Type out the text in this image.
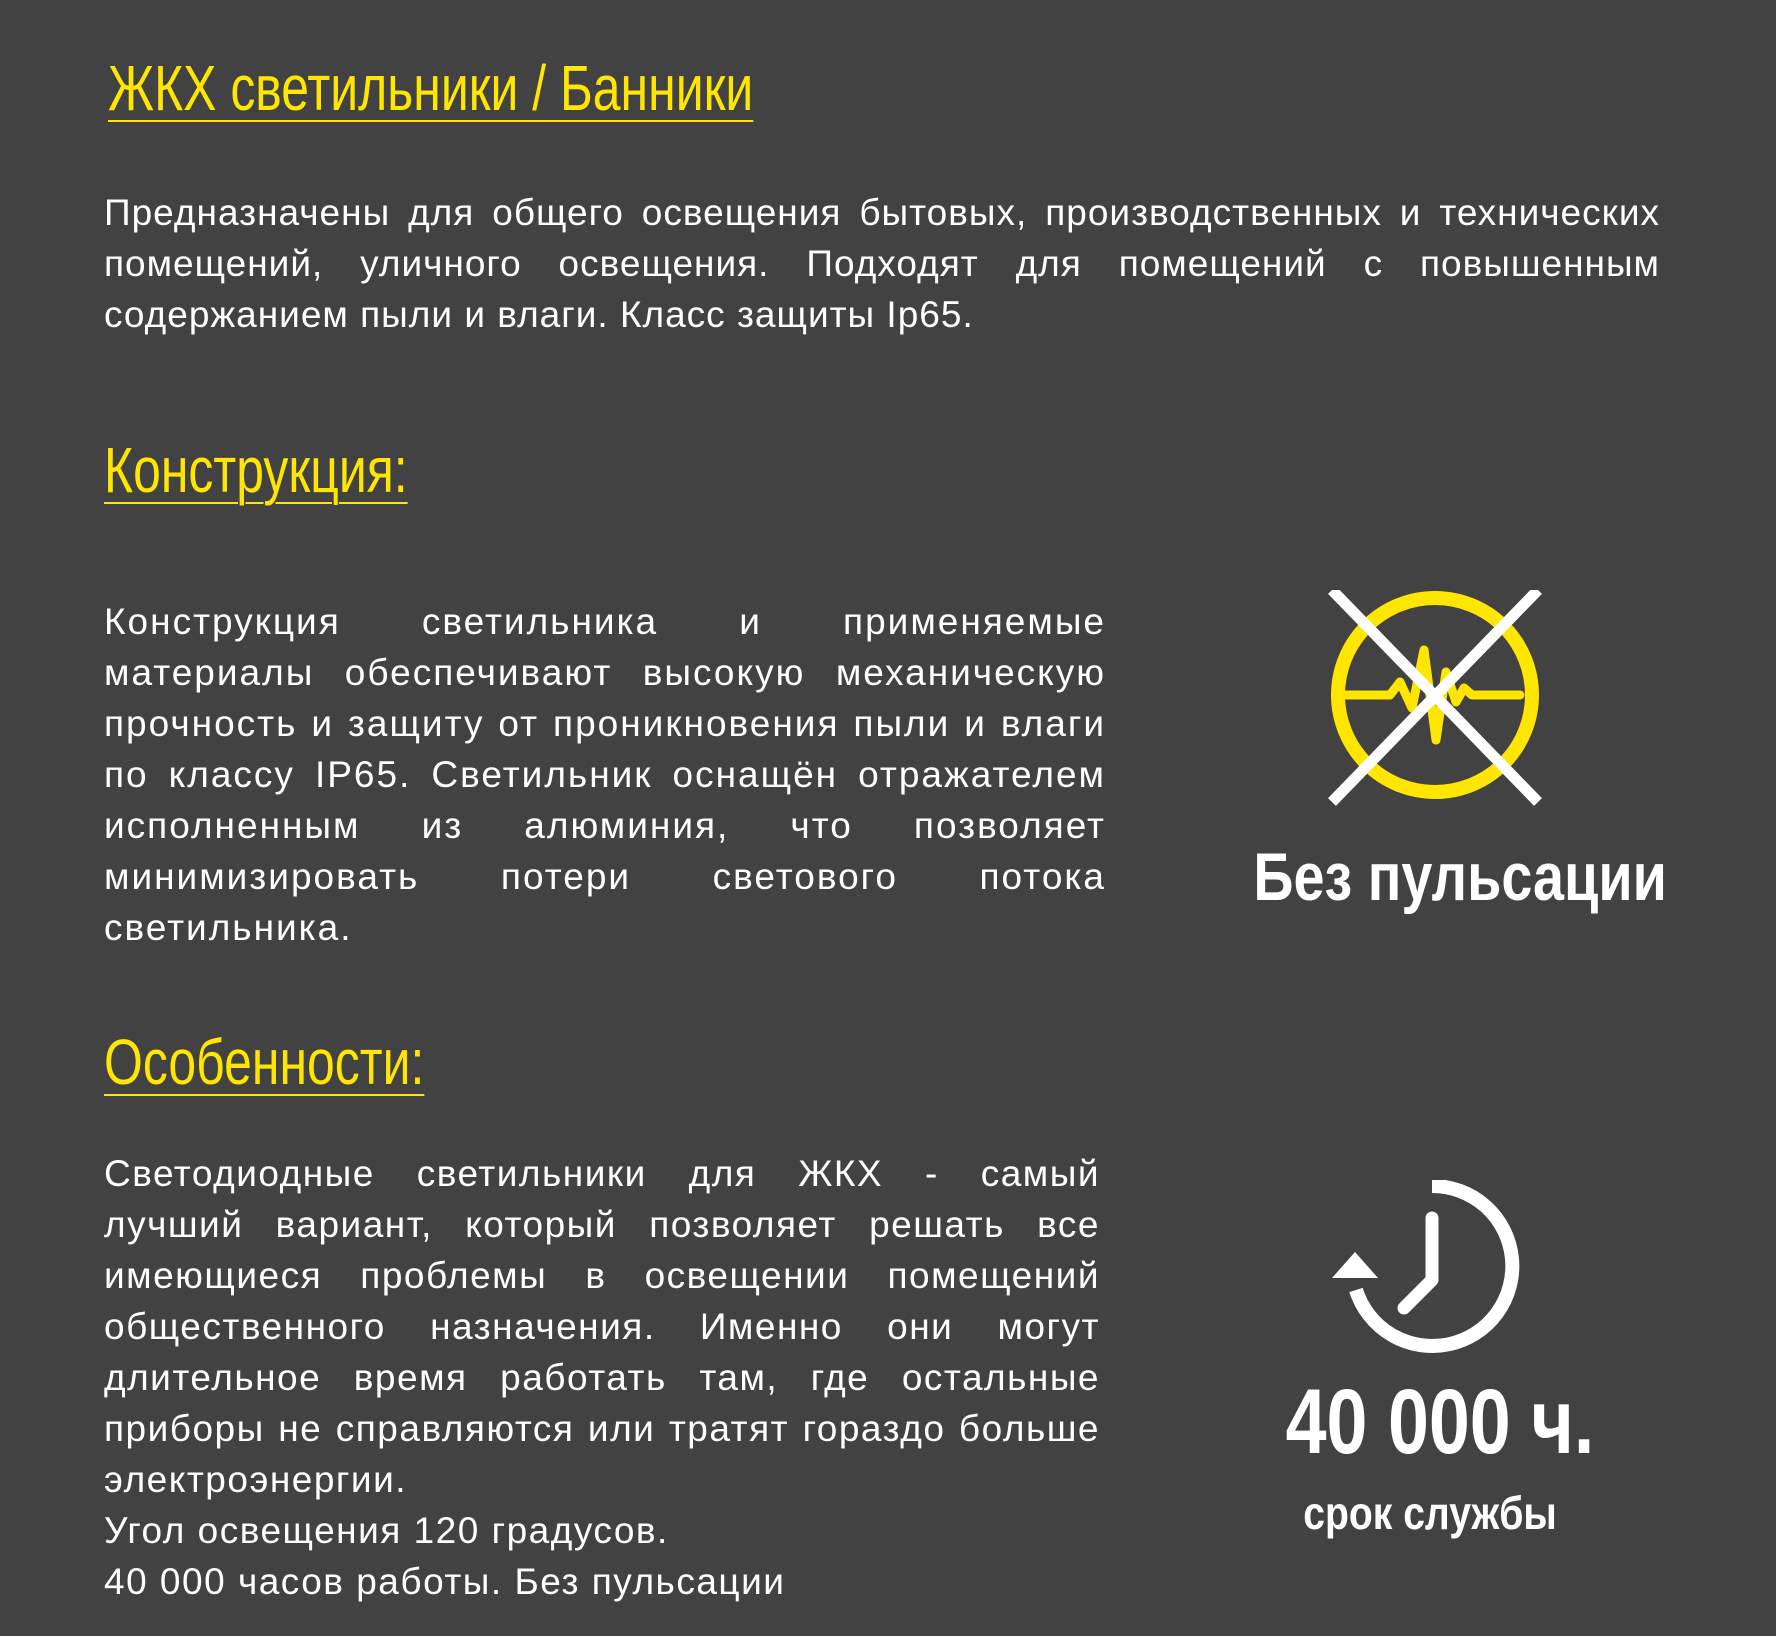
ЖКХ светильники / Банники

Предназначены для общего освещения бытовых, производственных и технических помещений, уличного освещения. Подходят для помещений с повышенным содержанием пыли и влаги. Класс защиты Ip65.

Конструкция:

Конструкция светильника и применяемые материалы обеспечивают высокую механическую прочность и защиту от проникновения пыли и влаги по классу IP65. Светильник оснащён отражателем исполненным из алюминия, что позволяет минимизировать потери светового потока светильника.

Особенности:
Светодиодные светильники для ЖКХ - самый лучший вариант, который позволяет решать все имеющиеся проблемы в освещении помещений общественного назначения. Именно они могут длительное время работать там, где остальные приборы не справляются или тратят гораздо больше электроэнергии.
Угол освещения 120 градусов.
40 000 часов работы. Без пульсации
Без пульсации
40 000 ч.
срок службы
